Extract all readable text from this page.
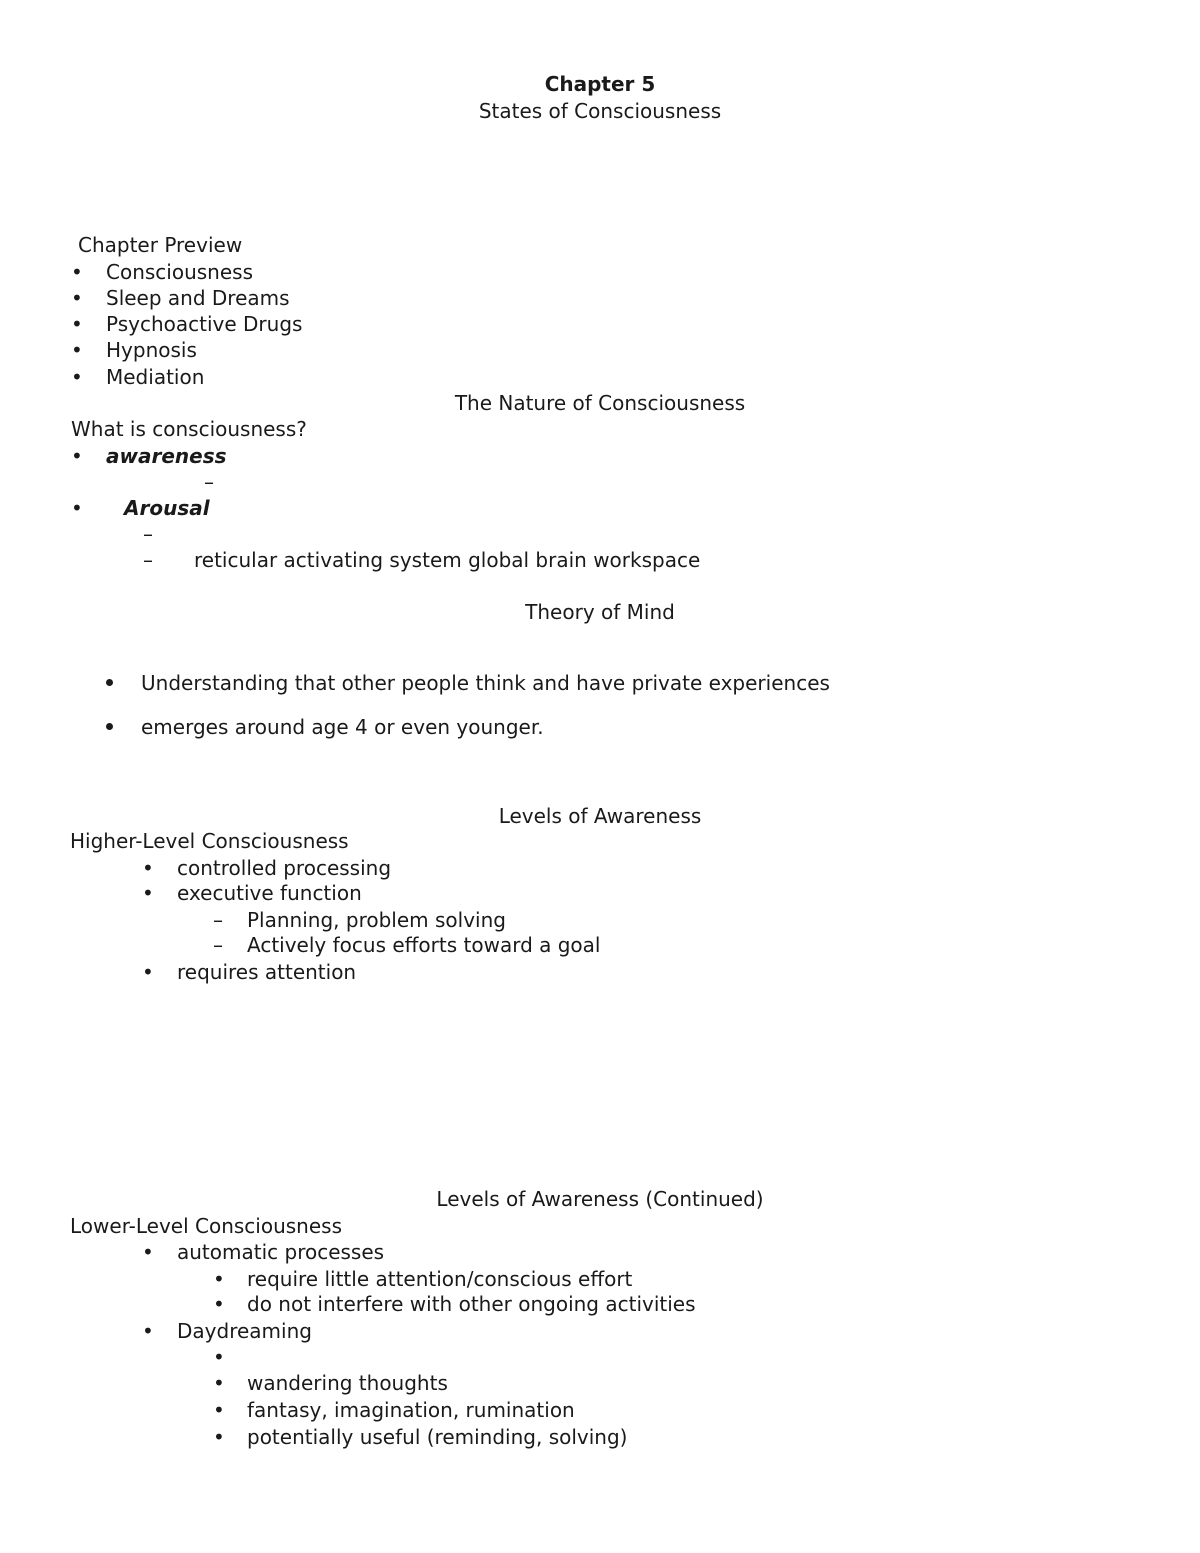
Chapter 5
States of Consciousness
Chapter Preview
• Consciousness
• Sleep and Dreams
• Psychoactive Drugs
• Hypnosis
• Mediation
The Nature of Consciousness
What is consciousness?
• awareness
–
• Arousal
–
– reticular activating system global brain workspace
Theory of Mind
Understanding that other people think and have private experiences
emerges around age 4 or even younger.
Levels of Awareness
Higher-Level Consciousness
• controlled processing
• executive function
– Planning, problem solving
– Actively focus efforts toward a goal
• requires attention
Levels of Awareness (Continued)
Lower-Level Consciousness
• automatic processes
• require little attention/conscious effort
• do not interfere with other ongoing activities
• Daydreaming
•
• wandering thoughts
• fantasy, imagination, rumination
• potentially useful (reminding, solving)
